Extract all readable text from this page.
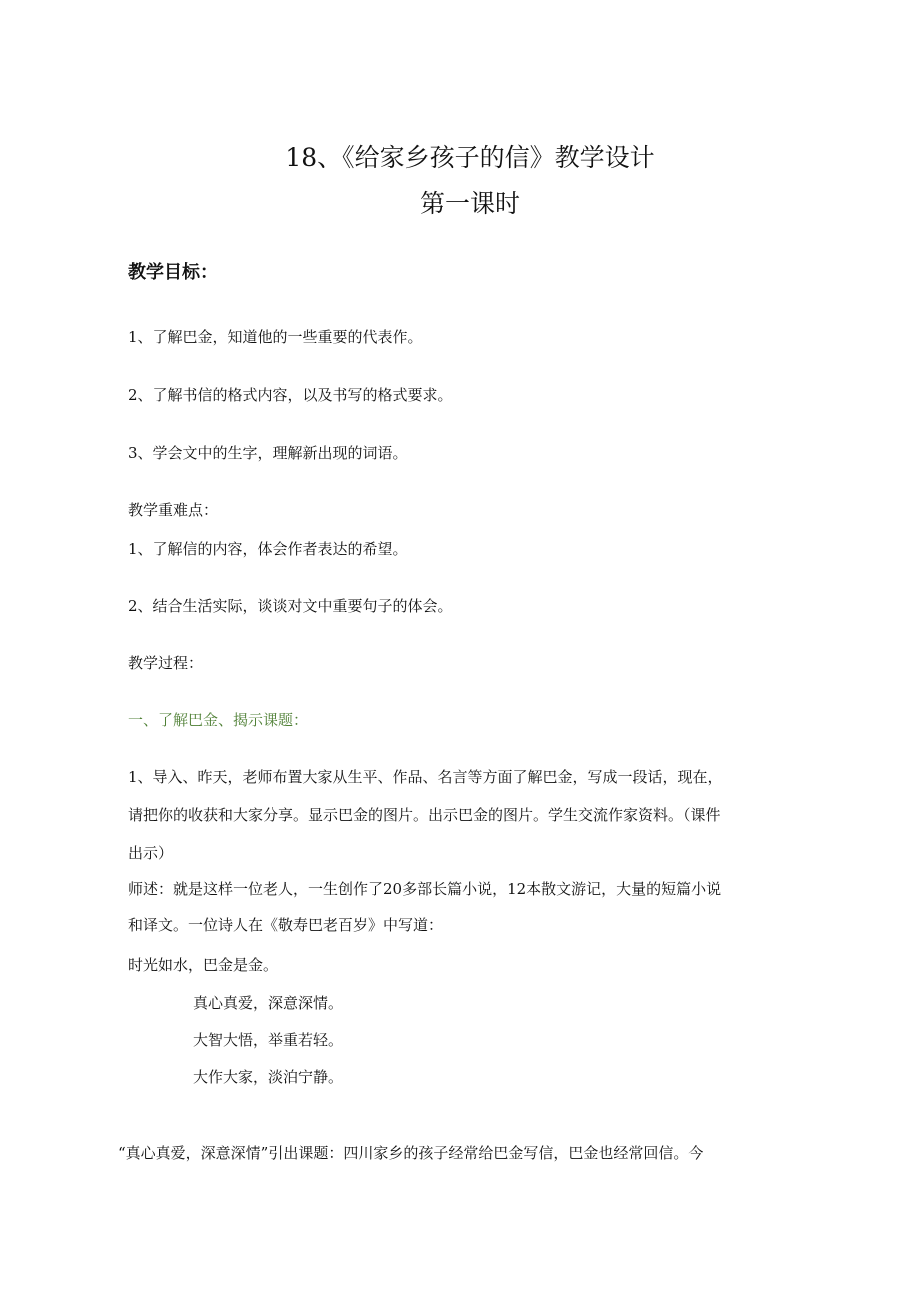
18、《给家乡孩子的信》教学设计

第一课时

教学目标：

1、了解巴金，知道他的一些重要的代表作。

2、了解书信的格式内容，以及书写的格式要求。

3、学会文中的生字，理解新出现的词语。

教学重难点：

1、了解信的内容，体会作者表达的希望。

2、结合生活实际，谈谈对文中重要句子的体会。

教学过程：

一、了解巴金、揭示课题：

1、导入、昨天，老师布置大家从生平、作品、名言等方面了解巴金，写成一段话，现在，

请把你的收获和大家分享。显示巴金的图片。出示巴金的图片。学生交流作家资料。（课件

出示）

师述：就是这样一位老人，一生创作了20多部长篇小说，12本散文游记，大量的短篇小说

和译文。一位诗人在《敬寿巴老百岁》中写道：

时光如水，巴金是金。

真心真爱，深意深情。

大智大悟，举重若轻。

大作大家，淡泊宁静。

“真心真爱，深意深情”引出课题：四川家乡的孩子经常给巴金写信，巴金也经常回信。今
